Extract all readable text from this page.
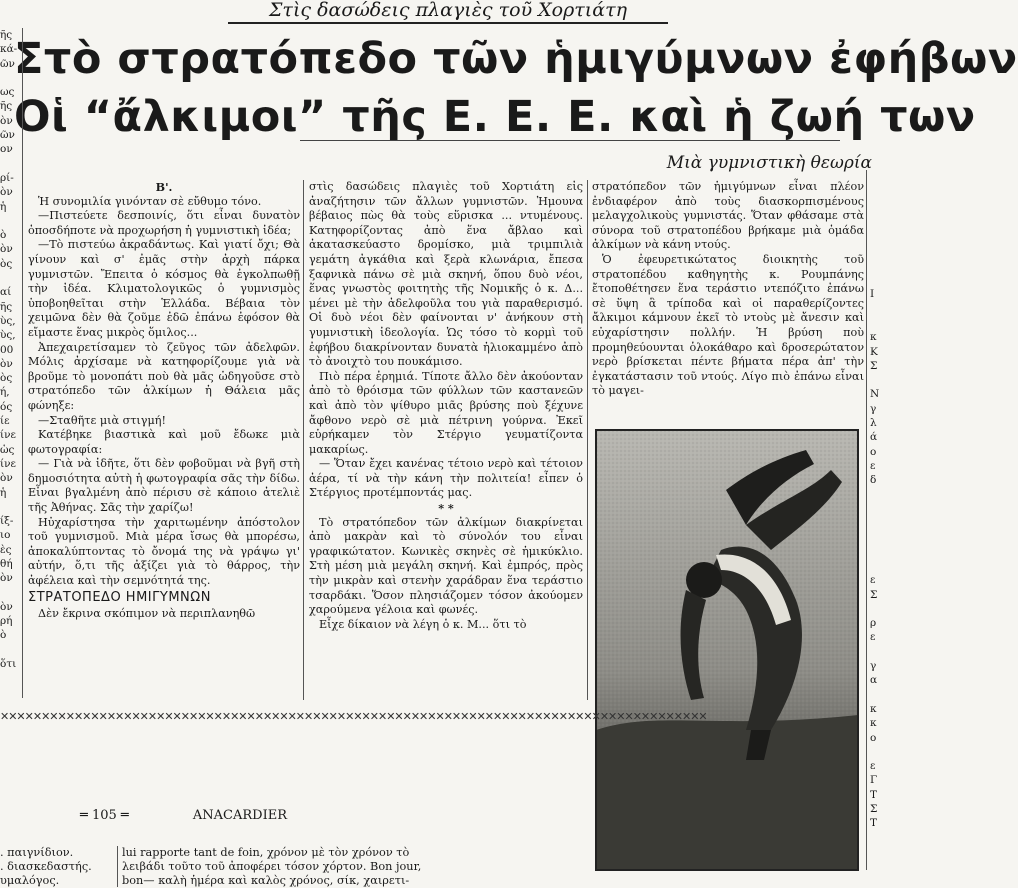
Στὶς δασώδεις πλαγιὲς τοῦ Χορτιάτη
Στὸ στρατόπεδο τῶν ἡμιγύμνων ἐφήβων
Οἱ “ἄλκιμοι” τῆς Ε. Ε. Ε. καὶ ἡ ζωή των
Μιὰ γυμνιστικὴ θεωρία
ῆς
κά-
ῶν

ως
ῆς
ὸν
ῶν
ον

ρί-
ὸν
ἡ

ὸ
ὸν
ὸς

αί
ῆς
ὺς,
ὺς,
00
ὸν
ὸς
ή,
ός
ίε
ίνε
ὡς
ίνε
ὸν
ἡ

ίξ-
ιο
ὲς
θή
ὸν

ὸν
ρή
ὸ

ὅτι

Β'.

Ἡ συνομιλία γινόνταν σὲ εὔθυμο τόνο.

—Πιστεύετε δεσποινίς, ὅτι εἶναι δυνατὸν ὁποσδήποτε νὰ προχωρήση ἡ γυμνιστικὴ ἰδέα;

—Τὸ πιστεύω ἀκραδάντως. Καὶ γιατί ὄχι; Θὰ γίνουν καὶ σ' ἐμᾶς στὴν ἀρχὴ πάρκα γυμνιστῶν. Ἔπειτα ὁ κόσμος θὰ ἐγκολπωθῇ τὴν ἰδέα. Κλιματολογικῶς ὁ γυμνισμὸς ὑποβοηθεῖται στὴν Ἑλλάδα. Βέβαια τὸν χειμῶνα δὲν θὰ ζοῦμε ἐδῶ ἐπάνω ἐφόσον θὰ εἴμαστε ἕνας μικρὸς ὅμιλος...

Ἀπεχαιρετίσαμεν τὸ ζεῦγος τῶν ἀδελφῶν. Μόλις ἀρχίσαμε νὰ κατηφορίζουμε γιὰ νὰ βροῦμε τὸ μονοπάτι ποὺ θὰ μᾶς ὡδηγοῦσε στὸ στρατόπεδο τῶν ἀλκίμων ἡ Θάλεια μᾶς φώνηξε:

—Σταθῆτε μιὰ στιγμή!

Κατέβηκε βιαστικὰ καὶ μοῦ ἔδωκε μιὰ φωτογραφία:

— Γιὰ νὰ ἰδῆτε, ὅτι δὲν φοβοῦμαι νὰ βγῆ στὴ δημοσιότητα αὐτὴ ἡ φωτογραφία σᾶς τὴν δίδω. Εἶναι βγαλμένη ἀπὸ πέρισυ σὲ κάποιο ἀτελιὲ τῆς Ἀθήνας. Σᾶς τὴν χαρίζω!

Ηὐχαρίστησα τὴν χαριτωμένην ἀπόστολον τοῦ γυμνισμοῦ. Μιὰ μέρα ἴσως θὰ μπορέσω, ἀποκαλύπτοντας τὸ ὄνομά της νὰ γράψω γι' αὐτήν, ὅ,τι τῆς ἀξίζει γιὰ τὸ θάρρος, τὴν ἀφέλεια καὶ τὴν σεμνότητά της.

ΣΤΡΑΤΟΠΕΔΟ ΗΜΙΓΥΜΝΩΝ

Δὲν ἔκρινα σκόπιμον νὰ περιπλανηθῶ

στὶς δασώδεις πλαγιὲς τοῦ Χορτιάτη εἰς ἀναζήτησιν τῶν ἄλλων γυμνιστῶν. Ἡμουνα βέβαιος πὼς θὰ τοὺς εὕρισκα ... ντυμένους. Κατηφορίζοντας ἀπὸ ἕνα ἄβλαο καὶ ἀκατασκεύαστο δρομίσκο, μιὰ τριμπιλιὰ γεμάτη ἀγκάθια καὶ ξερὰ κλωνάρια, ἔπεσα ξαφνικὰ πάνω σὲ μιὰ σκηνή, ὅπου δυὸ νέοι, ἕνας γνωστὸς φοιτητὴς τῆς Νομικῆς ὁ κ. Δ... μένει μὲ τὴν ἀδελφοῦλα του γιὰ παραθερισμό. Οἱ δυὸ νέοι δὲν φαίνονται ν' ἀνήκουν στὴ γυμνιστικὴ ἰδεολογία. Ὡς τόσο τὸ κορμὶ τοῦ ἐφήβου διακρίνονταν δυνατὰ ἡλιοκαμμένο ἀπὸ τὸ ἀνοιχτὸ του πουκάμισο.

Πιὸ πέρα ἐρημιά. Τίποτε ἄλλο δὲν ἀκούονταν ἀπὸ τὸ θρόισμα τῶν φύλλων τῶν καστανεῶν καὶ ἀπὸ τὸν ψίθυρο μιᾶς βρύσης ποὺ ξέχυνε ἄφθονο νερὸ σὲ μιὰ πέτρινη γούρνα. Ἐκεῖ εὑρήκαμεν τὸν Στέργιο γευματίζοντα μακαρίως.

— Ὅταν ἔχει κανένας τέτοιο νερὸ καὶ τέτοιον ἀέρα, τί νὰ τὴν κάνη τὴν πολιτεία! εἶπεν ὁ Στέργιος προτέμποντάς μας.

* *

Τὸ στρατόπεδον τῶν ἀλκίμων διακρίνεται ἀπὸ μακρὰν καὶ τὸ σύνολόν του εἶναι γραφικώτατον. Κωνικὲς σκηνὲς σὲ ἡμικύκλιο. Στὴ μέση μιὰ μεγάλη σκηνή. Καὶ ἐμπρός, πρὸς τὴν μικρὰν καὶ στενὴν χαράδραν ἕνα τεράστιο τσαρδάκι. Ὅσον πλησιάζομεν τόσον ἀκούομεν χαρούμενα γέλοια καὶ φωνές.

Εἶχε δίκαιον νὰ λέγη ὁ κ. Μ... ὅτι τὸ

στρατόπεδον τῶν ἡμιγύμνων εἶναι πλέον ἐνδιαφέρον ἀπὸ τοὺς διασκορπισμένους μελαγχολικοὺς γυμνιστάς. Ὅταν φθάσαμε στὰ σύνορα τοῦ στρατοπέδου βρήκαμε μιὰ ὁμάδα ἀλκίμων νὰ κάνη ντούς.

Ὁ ἐφευρετικώτατος διοικητὴς τοῦ στρατοπέδου καθηγητὴς κ. Ρουμπάνης ἔτοποθέτησεν ἕνα τεράστιο ντεπόζιτο ἐπάνω σὲ ὕψη ἃ τρίποδα καὶ οἱ παραθερίζοντες ἄλκιμοι κάμνουν ἐκεῖ τὸ ντοὺς μὲ ἄνεσιν καὶ εὐχαρίστησιν πολλήν. Ἡ βρύση ποὺ προμηθεύουνται ὁλοκάθαρο καὶ δροσερώτατον νερὸ βρίσκεται πέντε βήματα πέρα ἀπ' τὴν ἐγκατάστασιν τοῦ ντούς. Λίγο πιὸ ἐπάνω εἶναι τὸ μαγει-

I

κ
Κ
Σ

Ν
γ
λ
ά
ο
ε
δ

ε
Σ

ρ
ε

γ
α

κ
κ
ο

ε
Γ
Τ
Σ
Τ
✕✕✕✕✕✕✕✕✕✕✕✕✕✕✕✕✕✕✕✕✕✕✕✕✕✕✕✕✕✕✕✕✕✕✕✕✕✕✕✕✕✕✕✕✕✕✕✕✕✕✕✕✕✕✕✕✕✕✕✕✕✕✕✕✕✕✕✕✕✕✕✕✕✕✕✕✕✕✕✕✕✕✕✕✕✕
═ 105 ═	ANACARDIER
. παιγνίδιον.
. διασκεδαστής.
υμαλόγος.
lui rapporte tant de foin, χρόνον μὲ τὸν χρόνον τὸ
λειβάδι τοῦτο τοῦ ἀποφέρει τόσον χόρτον. Bon jour,
bon— καλὴ ἡμέρα καὶ καλὸς χρόνος, σίκ, χαιρετι-
